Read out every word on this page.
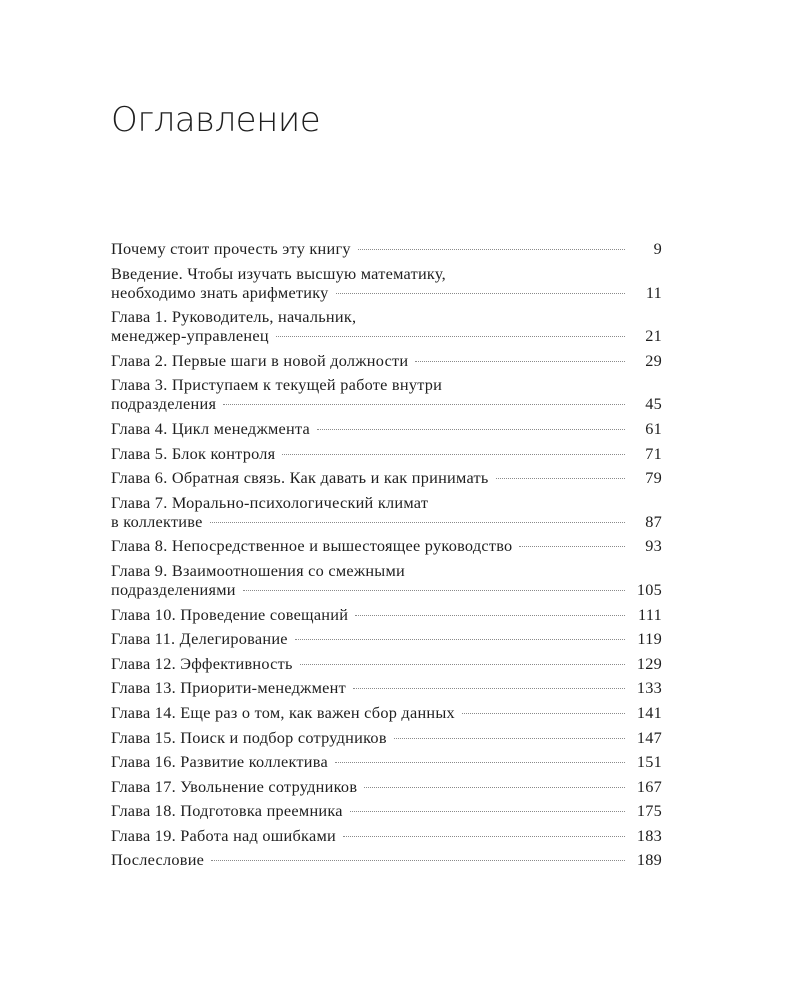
Оглавление
Почему стоит прочесть эту книгу	9
Введение. Чтобы изучать высшую математику,
необходимо знать арифметику	11
Глава 1. Руководитель, начальник,
менеджер-управленец	21
Глава 2. Первые шаги в новой должности	29
Глава 3. Приступаем к текущей работе внутри
подразделения	45
Глава 4. Цикл менеджмента	61
Глава 5. Блок контроля	71
Глава 6. Обратная связь. Как давать и как принимать	79
Глава 7. Морально-психологический климат
в коллективе	87
Глава 8. Непосредственное и вышестоящее руководство	93
Глава 9. Взаимоотношения со смежными
подразделениями	105
Глава 10. Проведение совещаний	111
Глава 11. Делегирование	119
Глава 12. Эффективность	129
Глава 13. Приорити-менеджмент	133
Глава 14. Еще раз о том, как важен сбор данных	141
Глава 15. Поиск и подбор сотрудников	147
Глава 16. Развитие коллектива	151
Глава 17. Увольнение сотрудников	167
Глава 18. Подготовка преемника	175
Глава 19. Работа над ошибками	183
Послесловие	189
